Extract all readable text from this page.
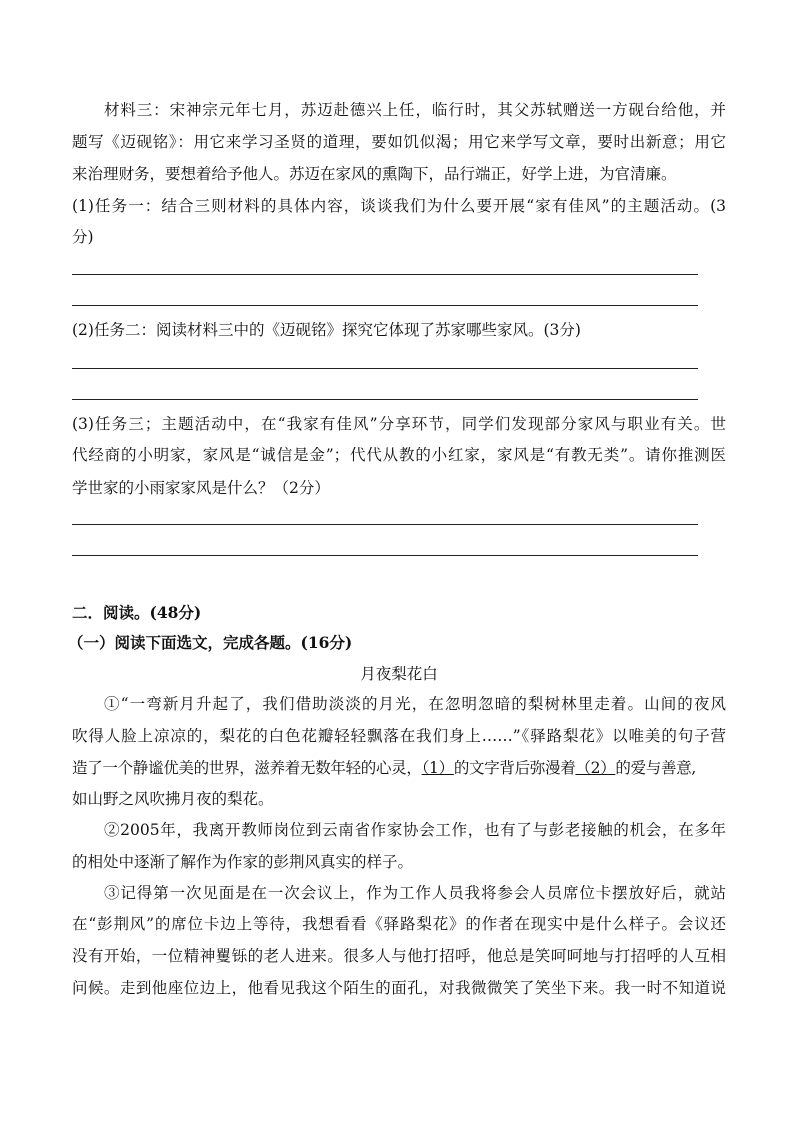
材料三：宋神宗元年七月，苏迈赴德兴上任，临行时，其父苏轼赠送一方砚台给他，并
题写《迈砚铭》：用它来学习圣贤的道理，要如饥似渴；用它来学写文章，要时出新意；用它
来治理财务，要想着给予他人。苏迈在家风的熏陶下，品行端正，好学上进，为官清廉。
(1)任务一：结合三则材料的具体内容，谈谈我们为什么要开展“家有佳风”的主题活动。(3
分)
(2)任务二：阅读材料三中的《迈砚铭》探究它体现了苏家哪些家风。(3分)
(3)任务三；主题活动中，在“我家有佳风”分享环节，同学们发现部分家风与职业有关。世
代经商的小明家，家风是“诚信是金”；代代从教的小红家，家风是“有教无类”。请你推测医
学世家的小雨家家风是什么？（2分）
二．阅读。(48分)
（一）阅读下面选文，完成各题。(16分)
月夜梨花白
①“一弯新月升起了，我们借助淡淡的月光，在忽明忽暗的梨树林里走着。山间的夜风
吹得人脸上凉凉的，梨花的白色花瓣轻轻飘落在我们身上……”《驿路梨花》以唯美的句子营
造了一个静谧优美的世界，滋养着无数年轻的心灵，（1）的文字背后弥漫着（2）的爱与善意,
如山野之风吹拂月夜的梨花。
②2005年，我离开教师岗位到云南省作家协会工作，也有了与彭老接触的机会，在多年
的相处中逐渐了解作为作家的彭荆风真实的样子。
③记得第一次见面是在一次会议上，作为工作人员我将参会人员席位卡摆放好后，就站
在“彭荆风”的席位卡边上等待，我想看看《驿路梨花》的作者在现实中是什么样子。会议还
没有开始，一位精神矍铄的老人进来。很多人与他打招呼，他总是笑呵呵地与打招呼的人互相
问候。走到他座位边上，他看见我这个陌生的面孔，对我微微笑了笑坐下来。我一时不知道说
